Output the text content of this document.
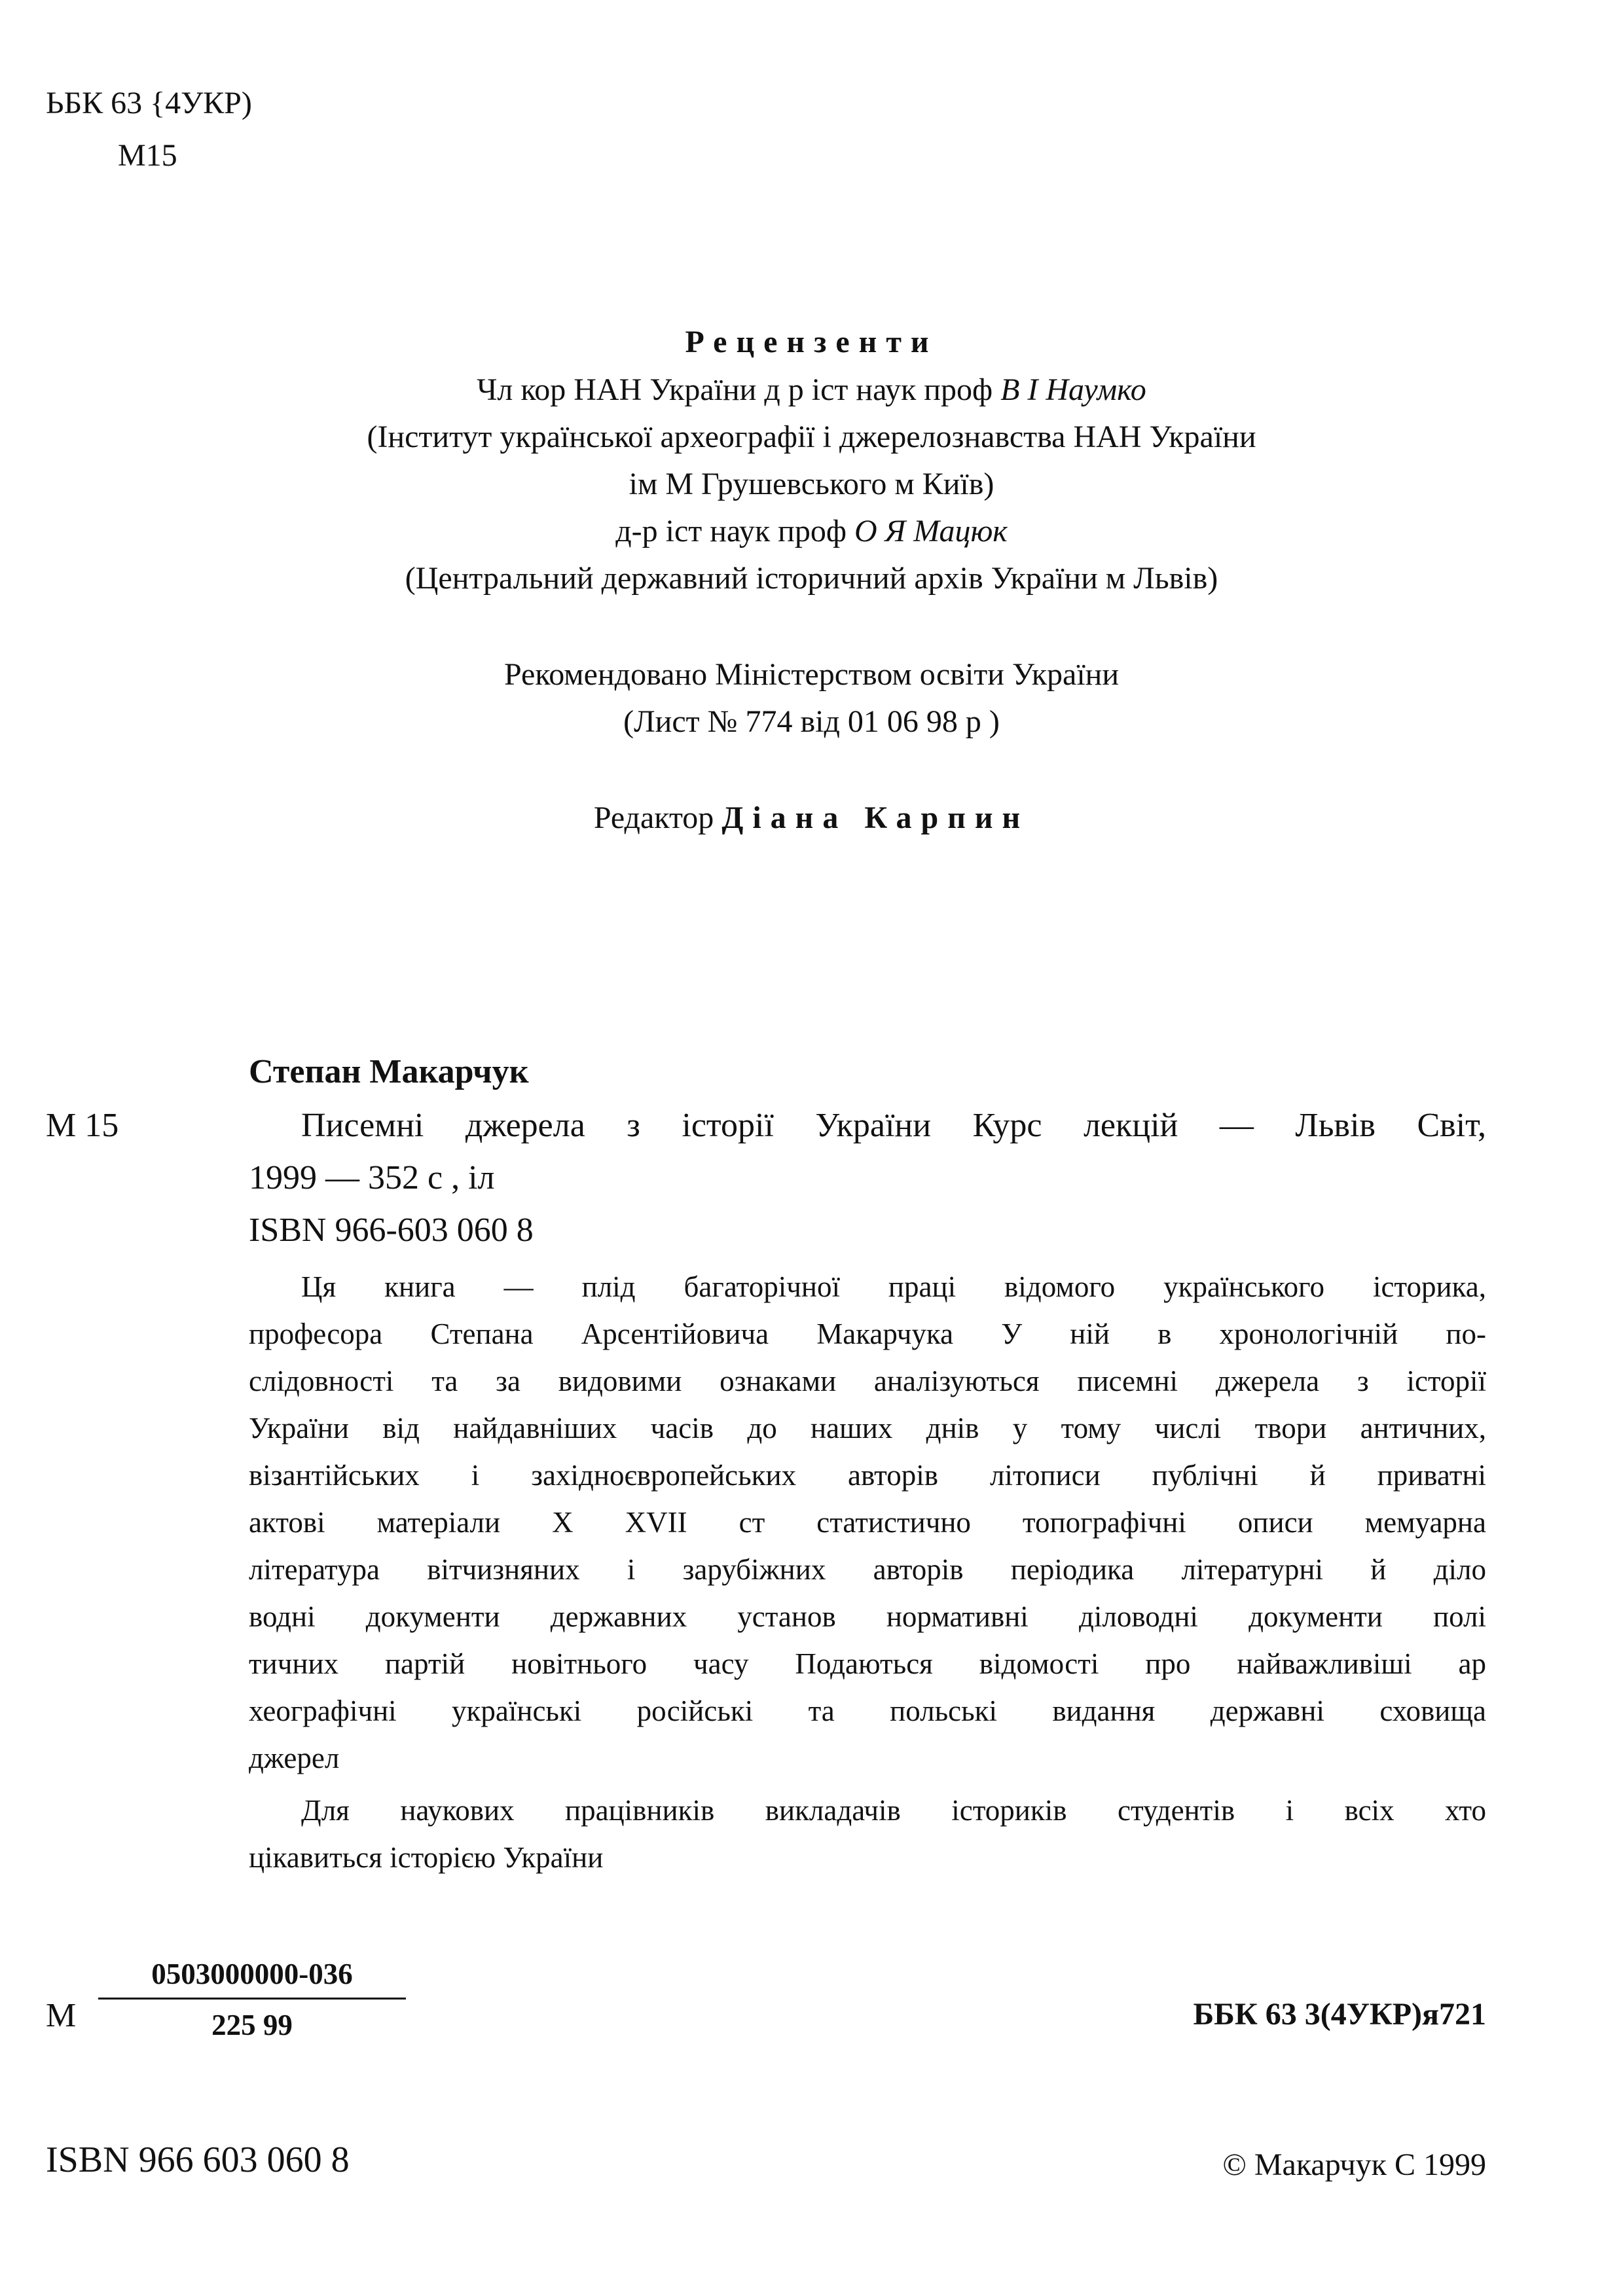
ЬБК 63 {4УКР)
М15
Рецензенти
Чл кор НАН України д р іст наук проф В І Наумко
(Інститут української археографії і джерелознавства НАН України
ім М Грушевського м Київ)
д-р іст наук проф О Я Мацюк
(Центральний державний історичний архів України м Львів)
Рекомендовано Міністерством освіти України
(Лист № 774 від 01 06 98 р )
Редактор Діана Карпин
Степан Макарчук
М 15	Писемні джерела з історії України Курс лекцій — Львів Світ,
1999 — 352 с , іл
ISBN 966-603 060 8
Ця книга — плід багаторічної праці відомого українського історика,
професора Степана Арсентійовича Макарчука У ній в хронологічній по-
слідовності та за видовими ознаками аналізуються писемні джерела з історії
України від найдавніших часів до наших днів у тому числі твори античних,
візантійських і західноєвропейських авторів літописи публічні й приватні
актові матеріали X XVII ст статистично топографічні описи мемуарна
література вітчизняних і зарубіжних авторів періодика літературні й діло
водні документи державних установ нормативні діловодні документи полі
тичних партій новітнього часу Подаються відомості про найважливіші ар
хеографічні українські російські та польські видання державні сховища
джерел
Для наукових працівників викладачів істориків студентів і всіх хто
цікавиться історією України
М
0503000000-036
225 99	ББК 63 3(4УКР)я721
ISBN 966 603 060 8	© Макарчук С 1999
